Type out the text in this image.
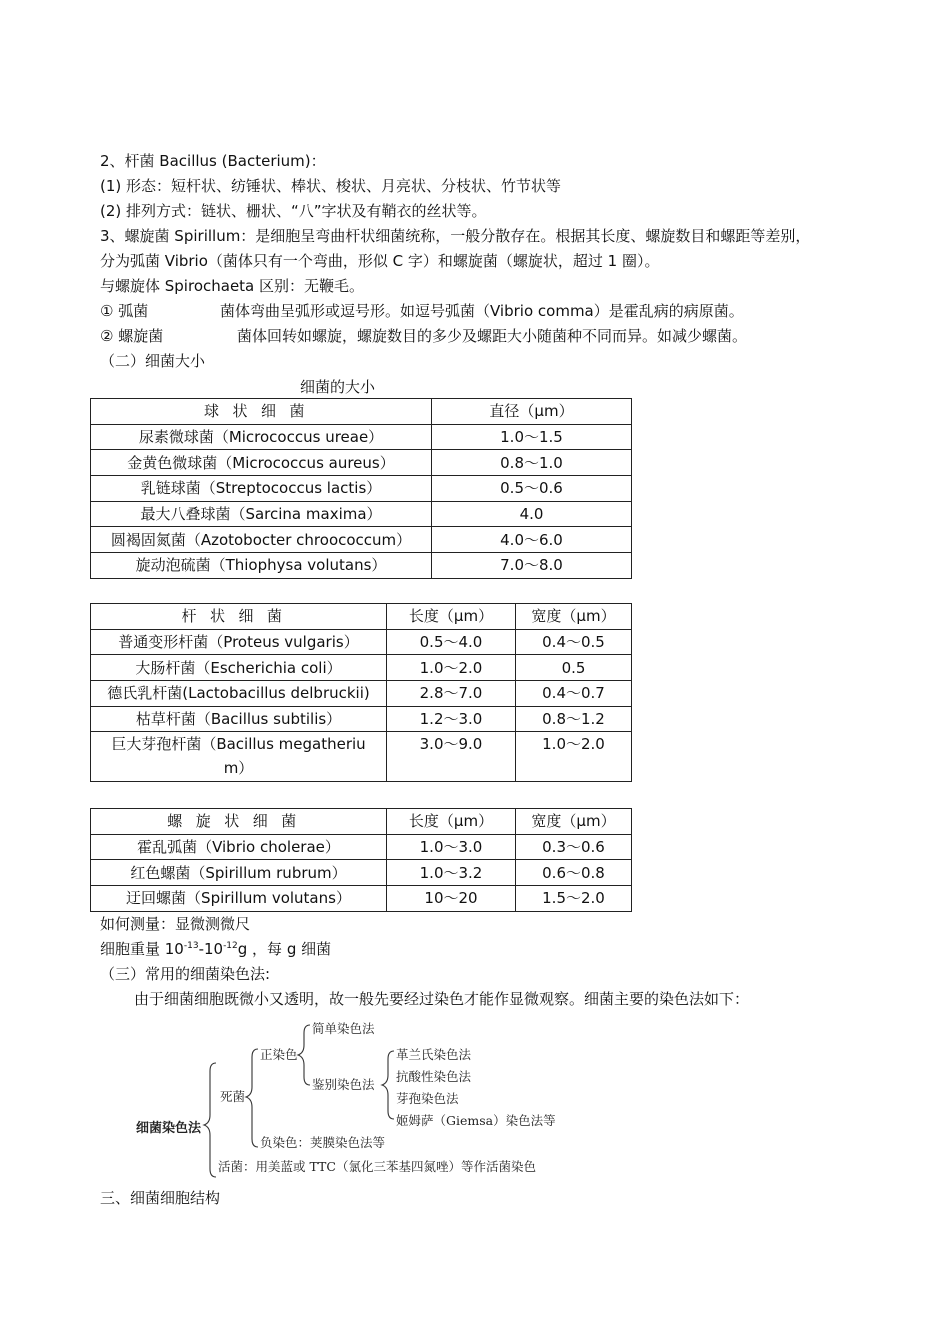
2、杆菌 Bacillus (Bacterium)：
(1) 形态：短杆状、纺锤状、棒状、梭状、月亮状、分枝状、竹节状等
(2) 排列方式：链状、栅状、“八”字状及有鞘衣的丝状等。
3、螺旋菌 Spirillum：是细胞呈弯曲杆状细菌统称，一般分散存在。根据其长度、螺旋数目和螺距等差别，
分为弧菌 Vibrio（菌体只有一个弯曲，形似 C 字）和螺旋菌（螺旋状，超过 1 圈）。
与螺旋体 Spirochaeta 区别：无鞭毛。
① 弧菌	菌体弯曲呈弧形或逗号形。如逗号弧菌（Vibrio comma）是霍乱病的病原菌。
② 螺旋菌	菌体回转如螺旋，螺旋数目的多少及螺距大小随菌种不同而异。如减少螺菌。
（二）细菌大小
细菌的大小
球状细菌	直径（μm）
尿素微球菌（Micrococcus ureae）	1.0～1.5
金黄色微球菌（Micrococcus aureus）	0.8～1.0
乳链球菌（Streptococcus lactis）	0.5～0.6
最大八叠球菌（Sarcina maxima）	4.0
圆褐固氮菌（Azotobocter chroococcum）	4.0～6.0
旋动泡硫菌（Thiophysa volutans）	7.0～8.0
杆状细菌	长度（μm）	宽度（μm）
普通变形杆菌（Proteus vulgaris）	0.5～4.0	0.4～0.5
大肠杆菌（Escherichia coli）	1.0～2.0	0.5
德氏乳杆菌(Lactobacillus delbruckii)	2.8～7.0	0.4～0.7
枯草杆菌（Bacillus subtilis）	1.2～3.0	0.8～1.2
巨大芽孢杆菌（Bacillus megatherium）	3.0～9.0	1.0～2.0
螺旋状细菌	长度（μm）	宽度（μm）
霍乱弧菌（Vibrio cholerae）	1.0～3.0	0.3～0.6
红色螺菌（Spirillum rubrum）	1.0～3.2	0.6～0.8
迂回螺菌（Spirillum volutans）	10～20	1.5～2.0
如何测量：显微测微尺
细胞重量 $10^{-13}-10^{-12}g$ ，每 g 细菌
（三）常用的细菌染色法:
由于细菌细胞既微小又透明，故一般先要经过染色才能作显微观察。细菌主要的染色法如下：
细菌染色法
死菌
正染色
简单染色法
鉴别染色法
革兰氏染色法
抗酸性染色法
芽孢染色法
姬姆萨（Giemsa）染色法等
负染色：荚膜染色法等
活菌：用美蓝或 TTC（氯化三苯基四氮唑）等作活菌染色
三、细菌细胞结构
